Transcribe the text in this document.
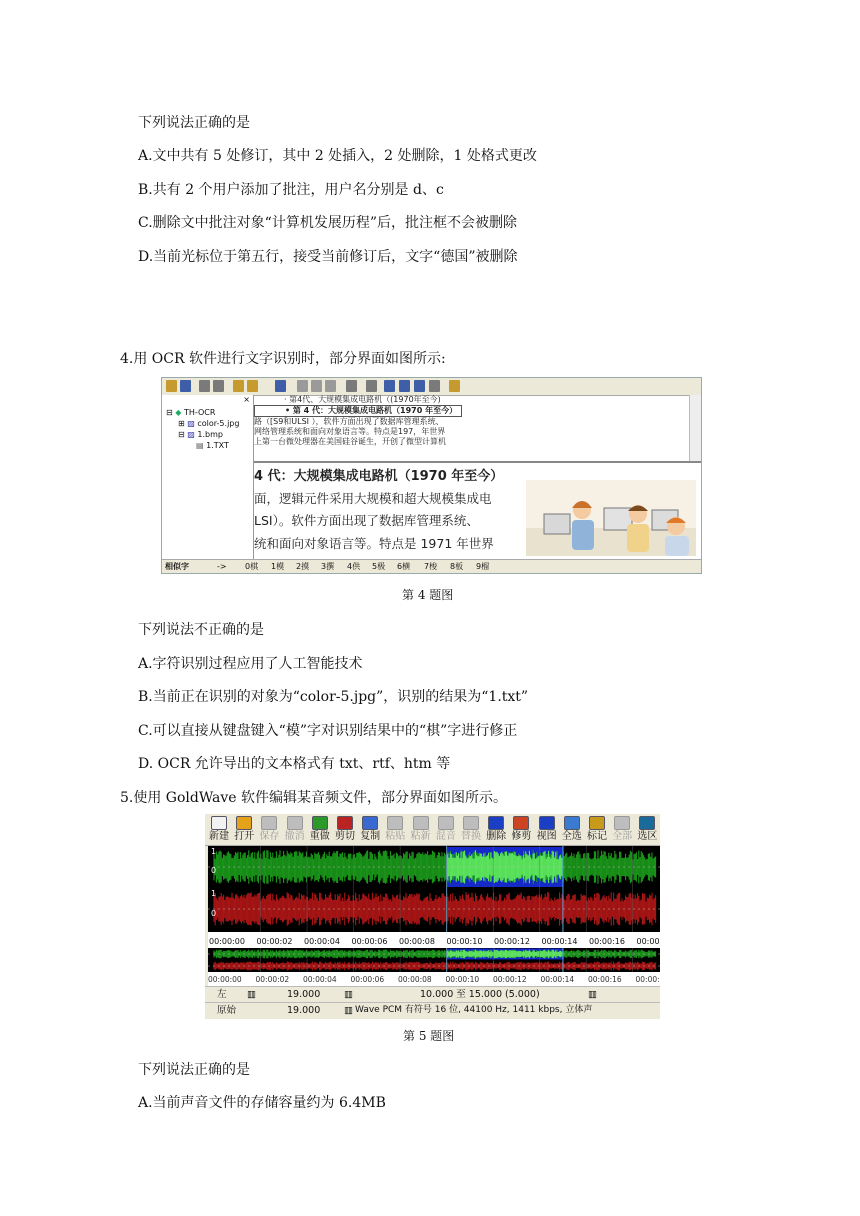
下列说法正确的是
A.文中共有 5 处修订，其中 2 处插入，2 处删除，1 处格式更改
B.共有 2 个用户添加了批注，用户名分别是 d、c
C.删除文中批注对象“计算机发展历程”后，批注框不会被删除
D.当前光标位于第五行，接受当前修订后，文字“德国”被删除
4.用 OCR 软件进行文字识别时，部分界面如图所示:
×
⊟ ◆ TH-OCR
⊞ ▨ color-5.jpg
⊟ ▨ 1.bmp
▤ 1.TXT
· 第4代、大规模集成电路机（(1970年至今)
• 第 4 代：大规模集成电路机（1970 年至今）
路（[S9和ULSI ），软件方面出现了数据库管理系统、
网络管理系统和面向对象语言等。特点是197，年世界
上第一台微处理器在美国硅谷诞生，开创了微型计算机
4 代：大规模集成电路机（1970 年至今）
面，逻辑元件采用大规模和超大规模集成电
LSI）。软件方面出现了数据库管理系统、
统和面向对象语言等。特点是 1971 年世界
相似字	-> 0棋 1模 2摸 3撰 4供 5极 6横 7梭 8板 9榴
第 4 题图
下列说法不正确的是
A.字符识别过程应用了人工智能技术
B.当前正在识别的对象为“color-5.jpg”，识别的结果为“1.txt”
C.可以直接从键盘键入“模”字对识别结果中的“棋”字进行修正
D. OCR 允许导出的文本格式有 txt、rtf、htm 等
5.使用 GoldWave 软件编辑某音频文件，部分界面如图所示。
新建 打开 保存 撤消 重做 剪切 复制 粘贴 粘新 混音 替换 删除 修剪 视图 全选 标记 全部 选区
1
0
1
0
00:00:00 00:00:02 00:00:04 00:00:06 00:00:08 00:00:10 00:00:12 00:00:14 00:00:16 00:00
00:00:00 00:00:02 00:00:04 00:00:06 00:00:08 00:00:10 00:00:12 00:00:14 00:00:16 00:00:
左 ▥	19.000	▥	10.000 至 15.000 (5.000)	▥
原始	19.000	▥ Wave PCM 有符号 16 位, 44100 Hz, 1411 kbps, 立体声
第 5 题图
下列说法正确的是
A.当前声音文件的存储容量约为 6.4MB
